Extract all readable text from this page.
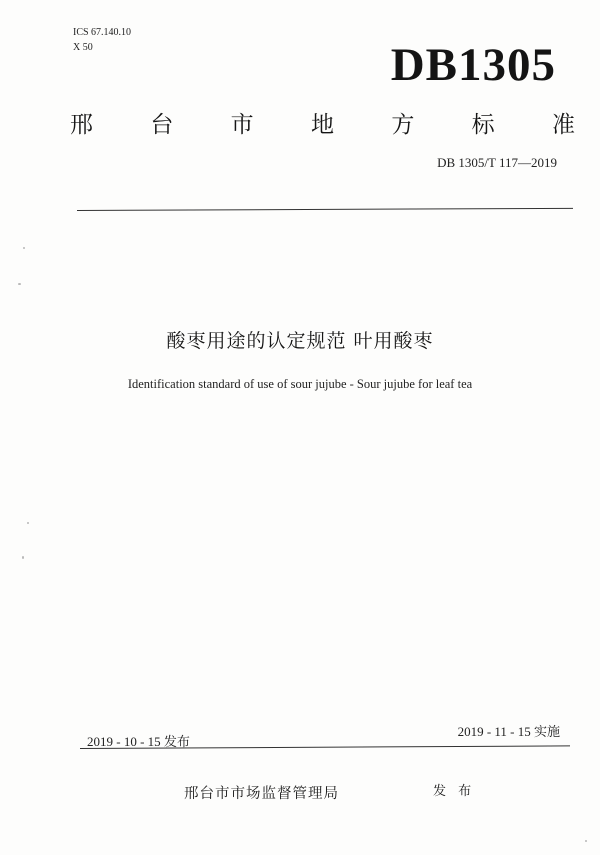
ICS 67.140.10
X 50	DB1305
邢 台 市 地 方 标 准
DB 1305/T 117—2019
酸枣用途的认定规范 叶用酸枣
Identification standard of use of sour jujube - Sour jujube for leaf tea
2019 - 10 - 15 发布
2019 - 11 - 15 实施
邢台市市场监督管理局	发 布
